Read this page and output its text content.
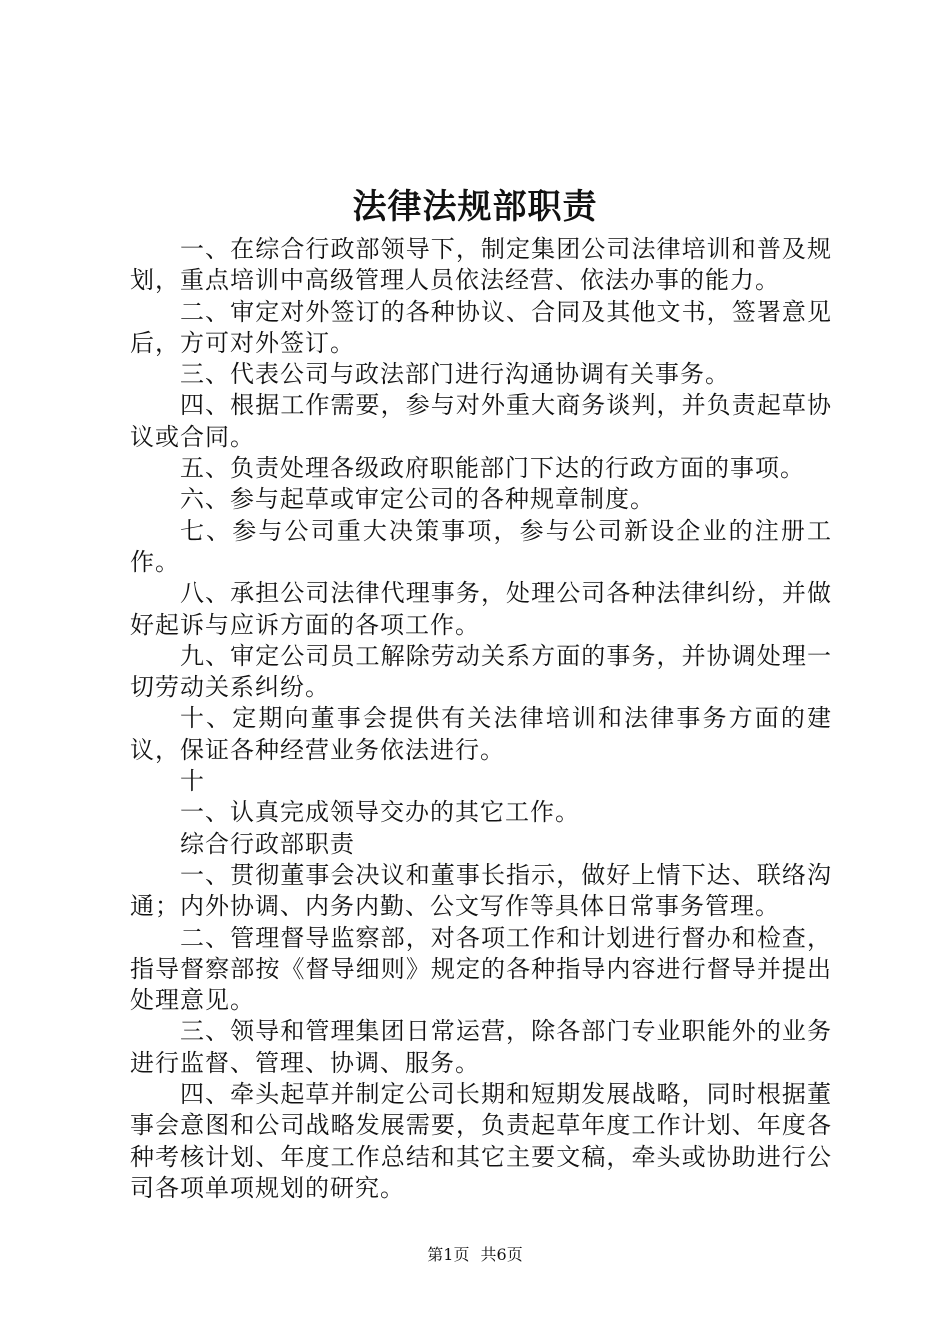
法律法规部职责

一、在综合行政部领导下，制定集团公司法律培训和普及规划，重点培训中高级管理人员依法经营、依法办事的能力。

二、审定对外签订的各种协议、合同及其他文书，签署意见后，方可对外签订。

三、代表公司与政法部门进行沟通协调有关事务。

四、根据工作需要，参与对外重大商务谈判，并负责起草协议或合同。

五、负责处理各级政府职能部门下达的行政方面的事项。

六、参与起草或审定公司的各种规章制度。

七、参与公司重大决策事项，参与公司新设企业的注册工作。

八、承担公司法律代理事务，处理公司各种法律纠纷，并做好起诉与应诉方面的各项工作。

九、审定公司员工解除劳动关系方面的事务，并协调处理一切劳动关系纠纷。

十、定期向董事会提供有关法律培训和法律事务方面的建议，保证各种经营业务依法进行。

十

一、认真完成领导交办的其它工作。

综合行政部职责

一、贯彻董事会决议和董事长指示，做好上情下达、联络沟通；内外协调、内务内勤、公文写作等具体日常事务管理。

二、管理督导监察部，对各项工作和计划进行督办和检查，指导督察部按《督导细则》规定的各种指导内容进行督导并提出处理意见。

三、领导和管理集团日常运营，除各部门专业职能外的业务进行监督、管理、协调、服务。

四、牵头起草并制定公司长期和短期发展战略，同时根据董事会意图和公司战略发展需要，负责起草年度工作计划、年度各种考核计划、年度工作总结和其它主要文稿，牵头或协助进行公司各项单项规划的研究。

第1页 共6页
